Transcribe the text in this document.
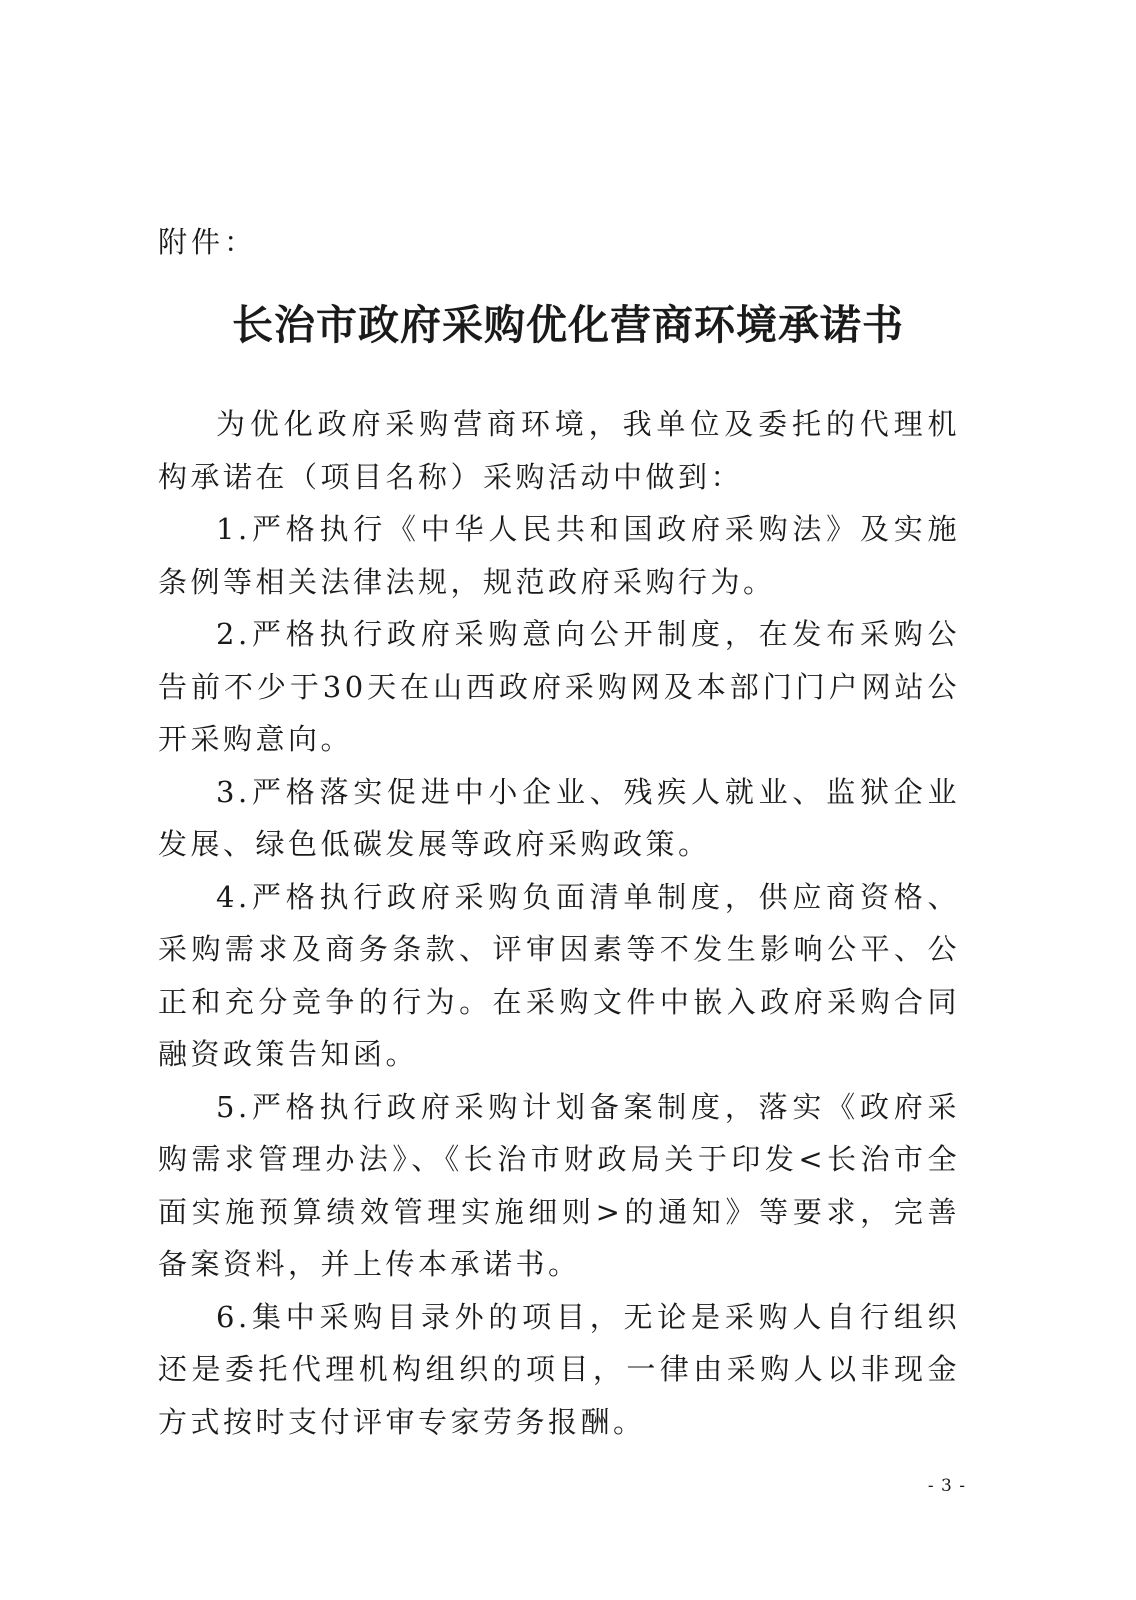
附件：
长治市政府采购优化营商环境承诺书

为优化政府采购营商环境，我单位及委托的代理机构承诺在（项目名称）采购活动中做到：

1.严格执行《中华人民共和国政府采购法》及实施条例等相关法律法规，规范政府采购行为。

2.严格执行政府采购意向公开制度，在发布采购公告前不少于30天在山西政府采购网及本部门门户网站公开采购意向。

3.严格落实促进中小企业、残疾人就业、监狱企业发展、绿色低碳发展等政府采购政策。

4.严格执行政府采购负面清单制度，供应商资格、采购需求及商务条款、评审因素等不发生影响公平、公正和充分竞争的行为。在采购文件中嵌入政府采购合同融资政策告知函。

5.严格执行政府采购计划备案制度，落实《政府采购需求管理办法》、《长治市财政局关于印发<长治市全面实施预算绩效管理实施细则>的通知》等要求，完善备案资料，并上传本承诺书。

6.集中采购目录外的项目，无论是采购人自行组织还是委托代理机构组织的项目，一律由采购人以非现金方式按时支付评审专家劳务报酬。

- 3 -
